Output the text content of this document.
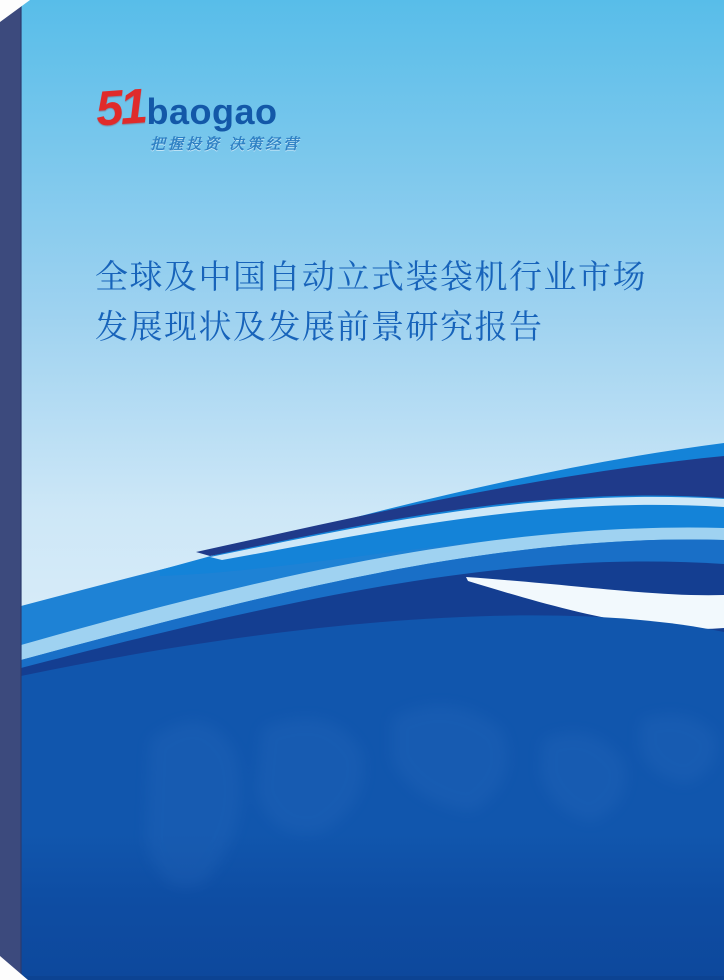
51 baogao
把握投资 决策经营
全球及中国自动立式装袋机行业市场
发展现状及发展前景研究报告
